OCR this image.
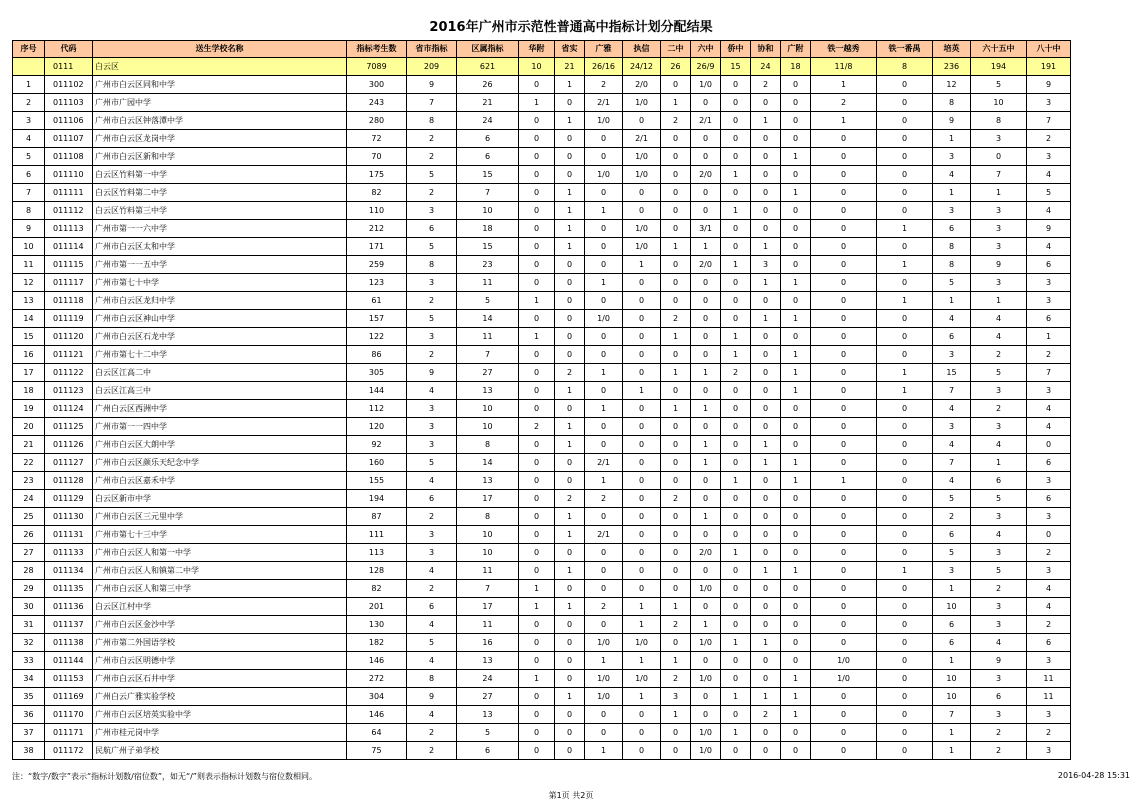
2016年广州市示范性普通高中指标计划分配结果
序号	代码	送生学校名称	指标考生数	省市指标	区属指标	华附	省实	广雅	执信	二中	六中	侨中	协和	广附	铁一越秀	铁一番禺	培英	六十五中	八十中
	0111	白云区	7089	209	621	10	21	26/16	24/12	26	26/9	15	24	18	11/8	8	236	194	191
1	011102	广州市白云区同和中学	300	9	26	0	1	2	2/0	0	1/0	0	2	0	1	0	12	5	9
2	011103	广州市广园中学	243	7	21	1	0	2/1	1/0	1	0	0	0	0	2	0	8	10	3
3	011106	广州市白云区钟落潭中学	280	8	24	0	1	1/0	0	2	2/1	0	1	0	1	0	9	8	7
4	011107	广州市白云区龙岗中学	72	2	6	0	0	0	2/1	0	0	0	0	0	0	0	1	3	2
5	011108	广州市白云区新和中学	70	2	6	0	0	0	1/0	0	0	0	0	1	0	0	3	0	3
6	011110	白云区竹料第一中学	175	5	15	0	0	1/0	1/0	0	2/0	1	0	0	0	0	4	7	4
7	011111	白云区竹料第二中学	82	2	7	0	1	0	0	0	0	0	0	1	0	0	1	1	5
8	011112	白云区竹料第三中学	110	3	10	0	1	1	0	0	0	1	0	0	0	0	3	3	4
9	011113	广州市第一一六中学	212	6	18	0	1	0	1/0	0	3/1	0	0	0	0	1	6	3	9
10	011114	广州市白云区太和中学	171	5	15	0	1	0	1/0	1	1	0	1	0	0	0	8	3	4
11	011115	广州市第一一五中学	259	8	23	0	0	0	1	0	2/0	1	3	0	0	1	8	9	6
12	011117	广州市第七十中学	123	3	11	0	0	1	0	0	0	0	1	1	0	0	5	3	3
13	011118	广州市白云区龙归中学	61	2	5	1	0	0	0	0	0	0	0	0	0	1	1	1	3
14	011119	广州市白云区神山中学	157	5	14	0	0	1/0	0	2	0	0	1	1	0	0	4	4	6
15	011120	广州市白云区石龙中学	122	3	11	1	0	0	0	1	0	1	0	0	0	0	6	4	1
16	011121	广州市第七十二中学	86	2	7	0	0	0	0	0	0	1	0	1	0	0	3	2	2
17	011122	白云区江高二中	305	9	27	0	2	1	0	1	1	2	0	1	0	1	15	5	7
18	011123	白云区江高三中	144	4	13	0	1	0	1	0	0	0	0	1	0	1	7	3	3
19	011124	广州白云区西洲中学	112	3	10	0	0	1	0	1	1	0	0	0	0	0	4	2	4
20	011125	广州市第一一四中学	120	3	10	2	1	0	0	0	0	0	0	0	0	0	3	3	4
21	011126	广州市白云区大朗中学	92	3	8	0	1	0	0	0	1	0	1	0	0	0	4	4	0
22	011127	广州市白云区颜乐天纪念中学	160	5	14	0	0	2/1	0	0	1	0	1	1	0	0	7	1	6
23	011128	广州市白云区嘉禾中学	155	4	13	0	0	1	0	0	0	1	0	1	1	0	4	6	3
24	011129	白云区新市中学	194	6	17	0	2	2	0	2	0	0	0	0	0	0	5	5	6
25	011130	广州市白云区三元里中学	87	2	8	0	1	0	0	0	1	0	0	0	0	0	2	3	3
26	011131	广州市第七十三中学	111	3	10	0	1	2/1	0	0	0	0	0	0	0	0	6	4	0
27	011133	广州市白云区人和第一中学	113	3	10	0	0	0	0	0	2/0	1	0	0	0	0	5	3	2
28	011134	广州市白云区人和镇第二中学	128	4	11	0	1	0	0	0	0	0	1	1	0	1	3	5	3
29	011135	广州市白云区人和第三中学	82	2	7	1	0	0	0	0	1/0	0	0	0	0	0	1	2	4
30	011136	白云区江村中学	201	6	17	1	1	2	1	1	0	0	0	0	0	0	10	3	4
31	011137	广州市白云区金沙中学	130	4	11	0	0	0	1	2	1	0	0	0	0	0	6	3	2
32	011138	广州市第二外国语学校	182	5	16	0	0	1/0	1/0	0	1/0	1	1	0	0	0	6	4	6
33	011144	广州市白云区明德中学	146	4	13	0	0	1	1	1	0	0	0	0	1/0	0	1	9	3
34	011153	广州市白云区石井中学	272	8	24	1	0	1/0	1/0	2	1/0	0	0	1	1/0	0	10	3	11
35	011169	广州白云广雅实验学校	304	9	27	0	1	1/0	1	3	0	1	1	1	0	0	10	6	11
36	011170	广州市白云区培英实验中学	146	4	13	0	0	0	0	1	0	0	2	1	0	0	7	3	3
37	011171	广州市桂元岗中学	64	2	5	0	0	0	0	0	1/0	1	0	0	0	0	1	2	2
38	011172	民航广州子弟学校	75	2	6	0	0	1	0	0	1/0	0	0	0	0	0	1	2	3
注：“数字/数字”表示“指标计划数/宿位数”，如无“/”则表示指标计划数与宿位数相同。	2016-04-28 15:31
第1页 共2页
